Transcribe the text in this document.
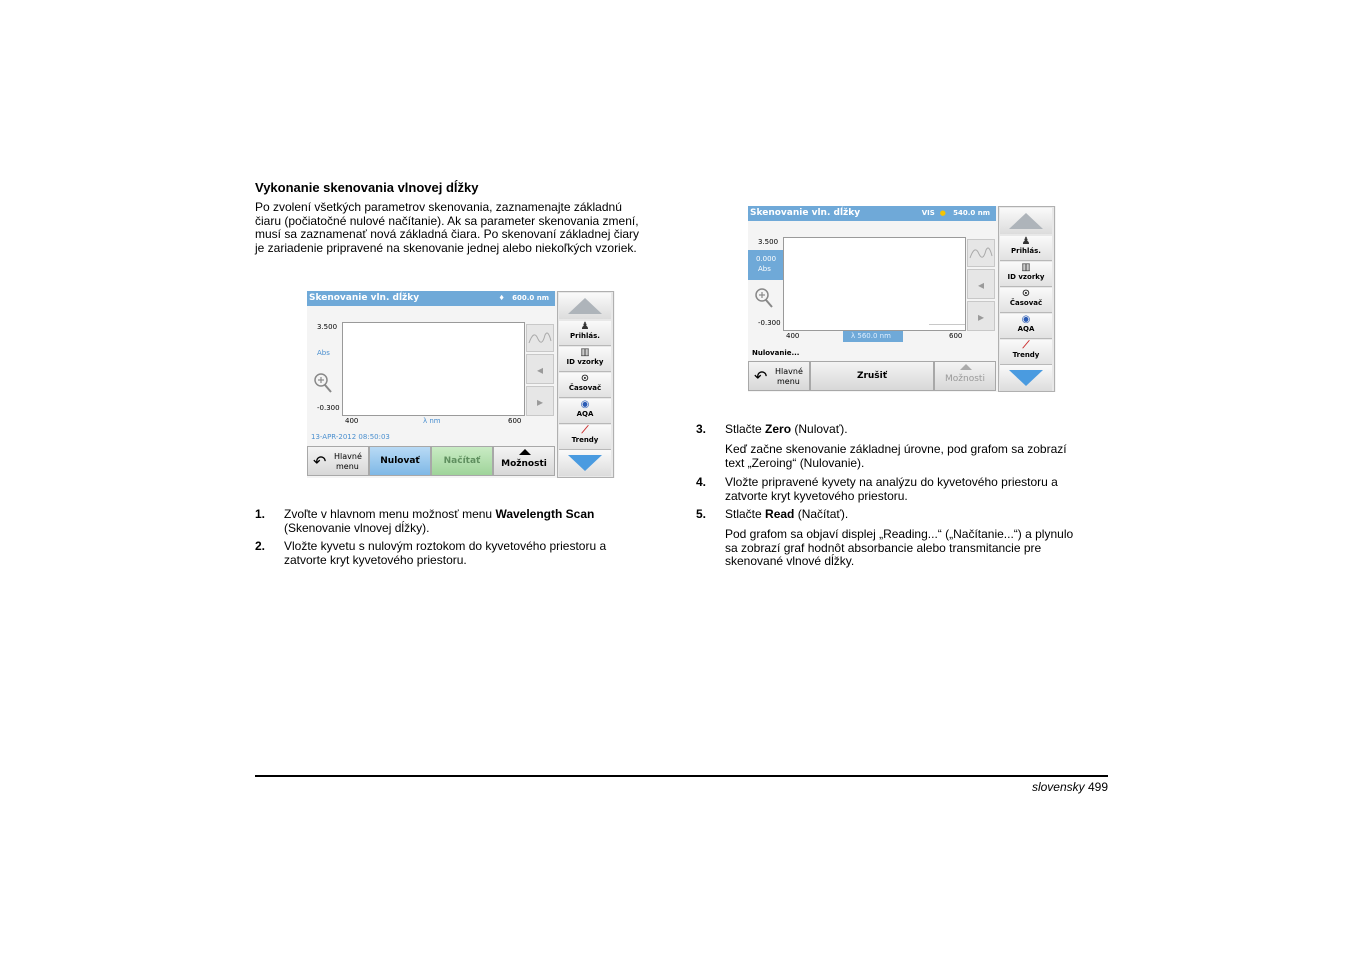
Vykonanie skenovania vlnovej dĺžky
Po zvolení všetkých parametrov skenovania, zaznamenajte základnú
čiaru (počiatočné nulové načítanie). Ak sa parameter skenovania zmení,
musí sa zaznamenať nová základná čiara. Po skenovaní základnej čiary
je zariadenie pripravené na skenovanie jednej alebo niekoľkých vzoriek.
Skenovanie vln. dĺžky	♦ 600.0 nm
3.500
Abs
-0.300
400	λ nm	600
13-APR-2012 08:50:03
◂
▸
↶ Hlavné
menu
Nulovať	Načítať	Možnosti
♟
Prihlás.
▥
ID vzorky
⊙
Časovač
◉
AQA
⟋
Trendy
Skenovanie vln. dĺžky	VIS ● 540.0 nm
3.500
0.000
Abs
-0.300
400	λ 560.0 nm	600
Nulovanie...
◂
▸
↶ Hlavné
menu
Zrušiť	Možnosti
♟
Prihlás.
▥
ID vzorky
⊙
Časovač
◉
AQA
⟋
Trendy
1. Zvoľte v hlavnom menu možnosť menu Wavelength Scan
(Skenovanie vlnovej dĺžky).
2. Vložte kyvetu s nulovým roztokom do kyvetového priestoru a
zatvorte kryt kyvetového priestoru.
3. Stlačte Zero (Nulovať).
Keď začne skenovanie základnej úrovne, pod grafom sa zobrazí
text „Zeroing“ (Nulovanie).
4. Vložte pripravené kyvety na analýzu do kyvetového priestoru a
zatvorte kryt kyvetového priestoru.
5. Stlačte Read (Načítať).
Pod grafom sa objaví displej „Reading...“ („Načítanie...“) a plynulo
sa zobrazí graf hodnôt absorbancie alebo transmitancie pre
skenované vlnové dĺžky.
slovensky 499
